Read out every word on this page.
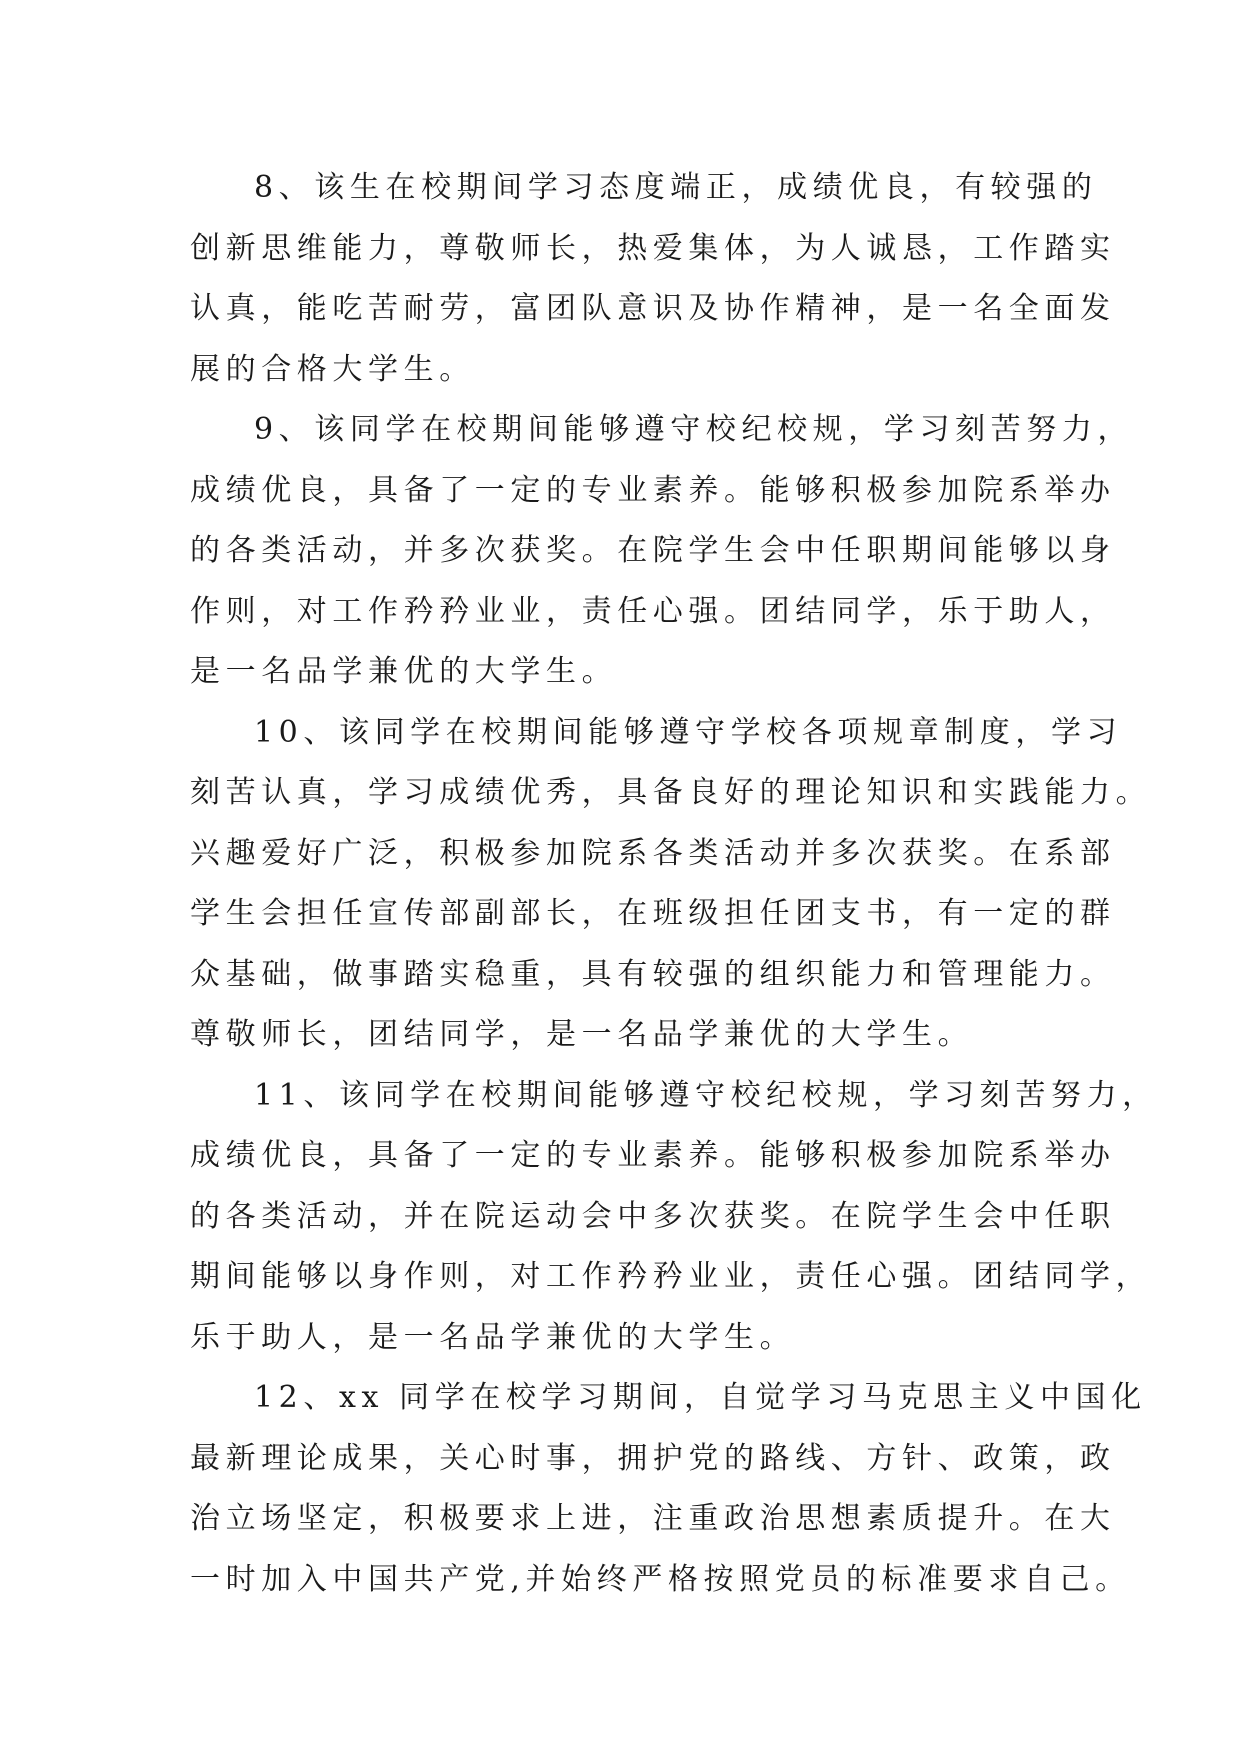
8、该生在校期间学习态度端正，成绩优良，有较强的
创新思维能力，尊敬师长，热爱集体，为人诚恳，工作踏实
认真，能吃苦耐劳，富团队意识及协作精神，是一名全面发
展的合格大学生。
9、该同学在校期间能够遵守校纪校规，学习刻苦努力，
成绩优良，具备了一定的专业素养。能够积极参加院系举办
的各类活动，并多次获奖。在院学生会中任职期间能够以身
作则，对工作矜矜业业，责任心强。团结同学，乐于助人，
是一名品学兼优的大学生。
10、该同学在校期间能够遵守学校各项规章制度，学习
刻苦认真，学习成绩优秀，具备良好的理论知识和实践能力。
兴趣爱好广泛，积极参加院系各类活动并多次获奖。在系部
学生会担任宣传部副部长，在班级担任团支书，有一定的群
众基础，做事踏实稳重，具有较强的组织能力和管理能力。
尊敬师长，团结同学，是一名品学兼优的大学生。
11、该同学在校期间能够遵守校纪校规，学习刻苦努力，
成绩优良，具备了一定的专业素养。能够积极参加院系举办
的各类活动，并在院运动会中多次获奖。在院学生会中任职
期间能够以身作则，对工作矜矜业业，责任心强。团结同学，
乐于助人，是一名品学兼优的大学生。
12、xx 同学在校学习期间，自觉学习马克思主义中国化
最新理论成果，关心时事，拥护党的路线、方针、政策，政
治立场坚定，积极要求上进，注重政治思想素质提升。在大
一时加入中国共产党,并始终严格按照党员的标准要求自己。
